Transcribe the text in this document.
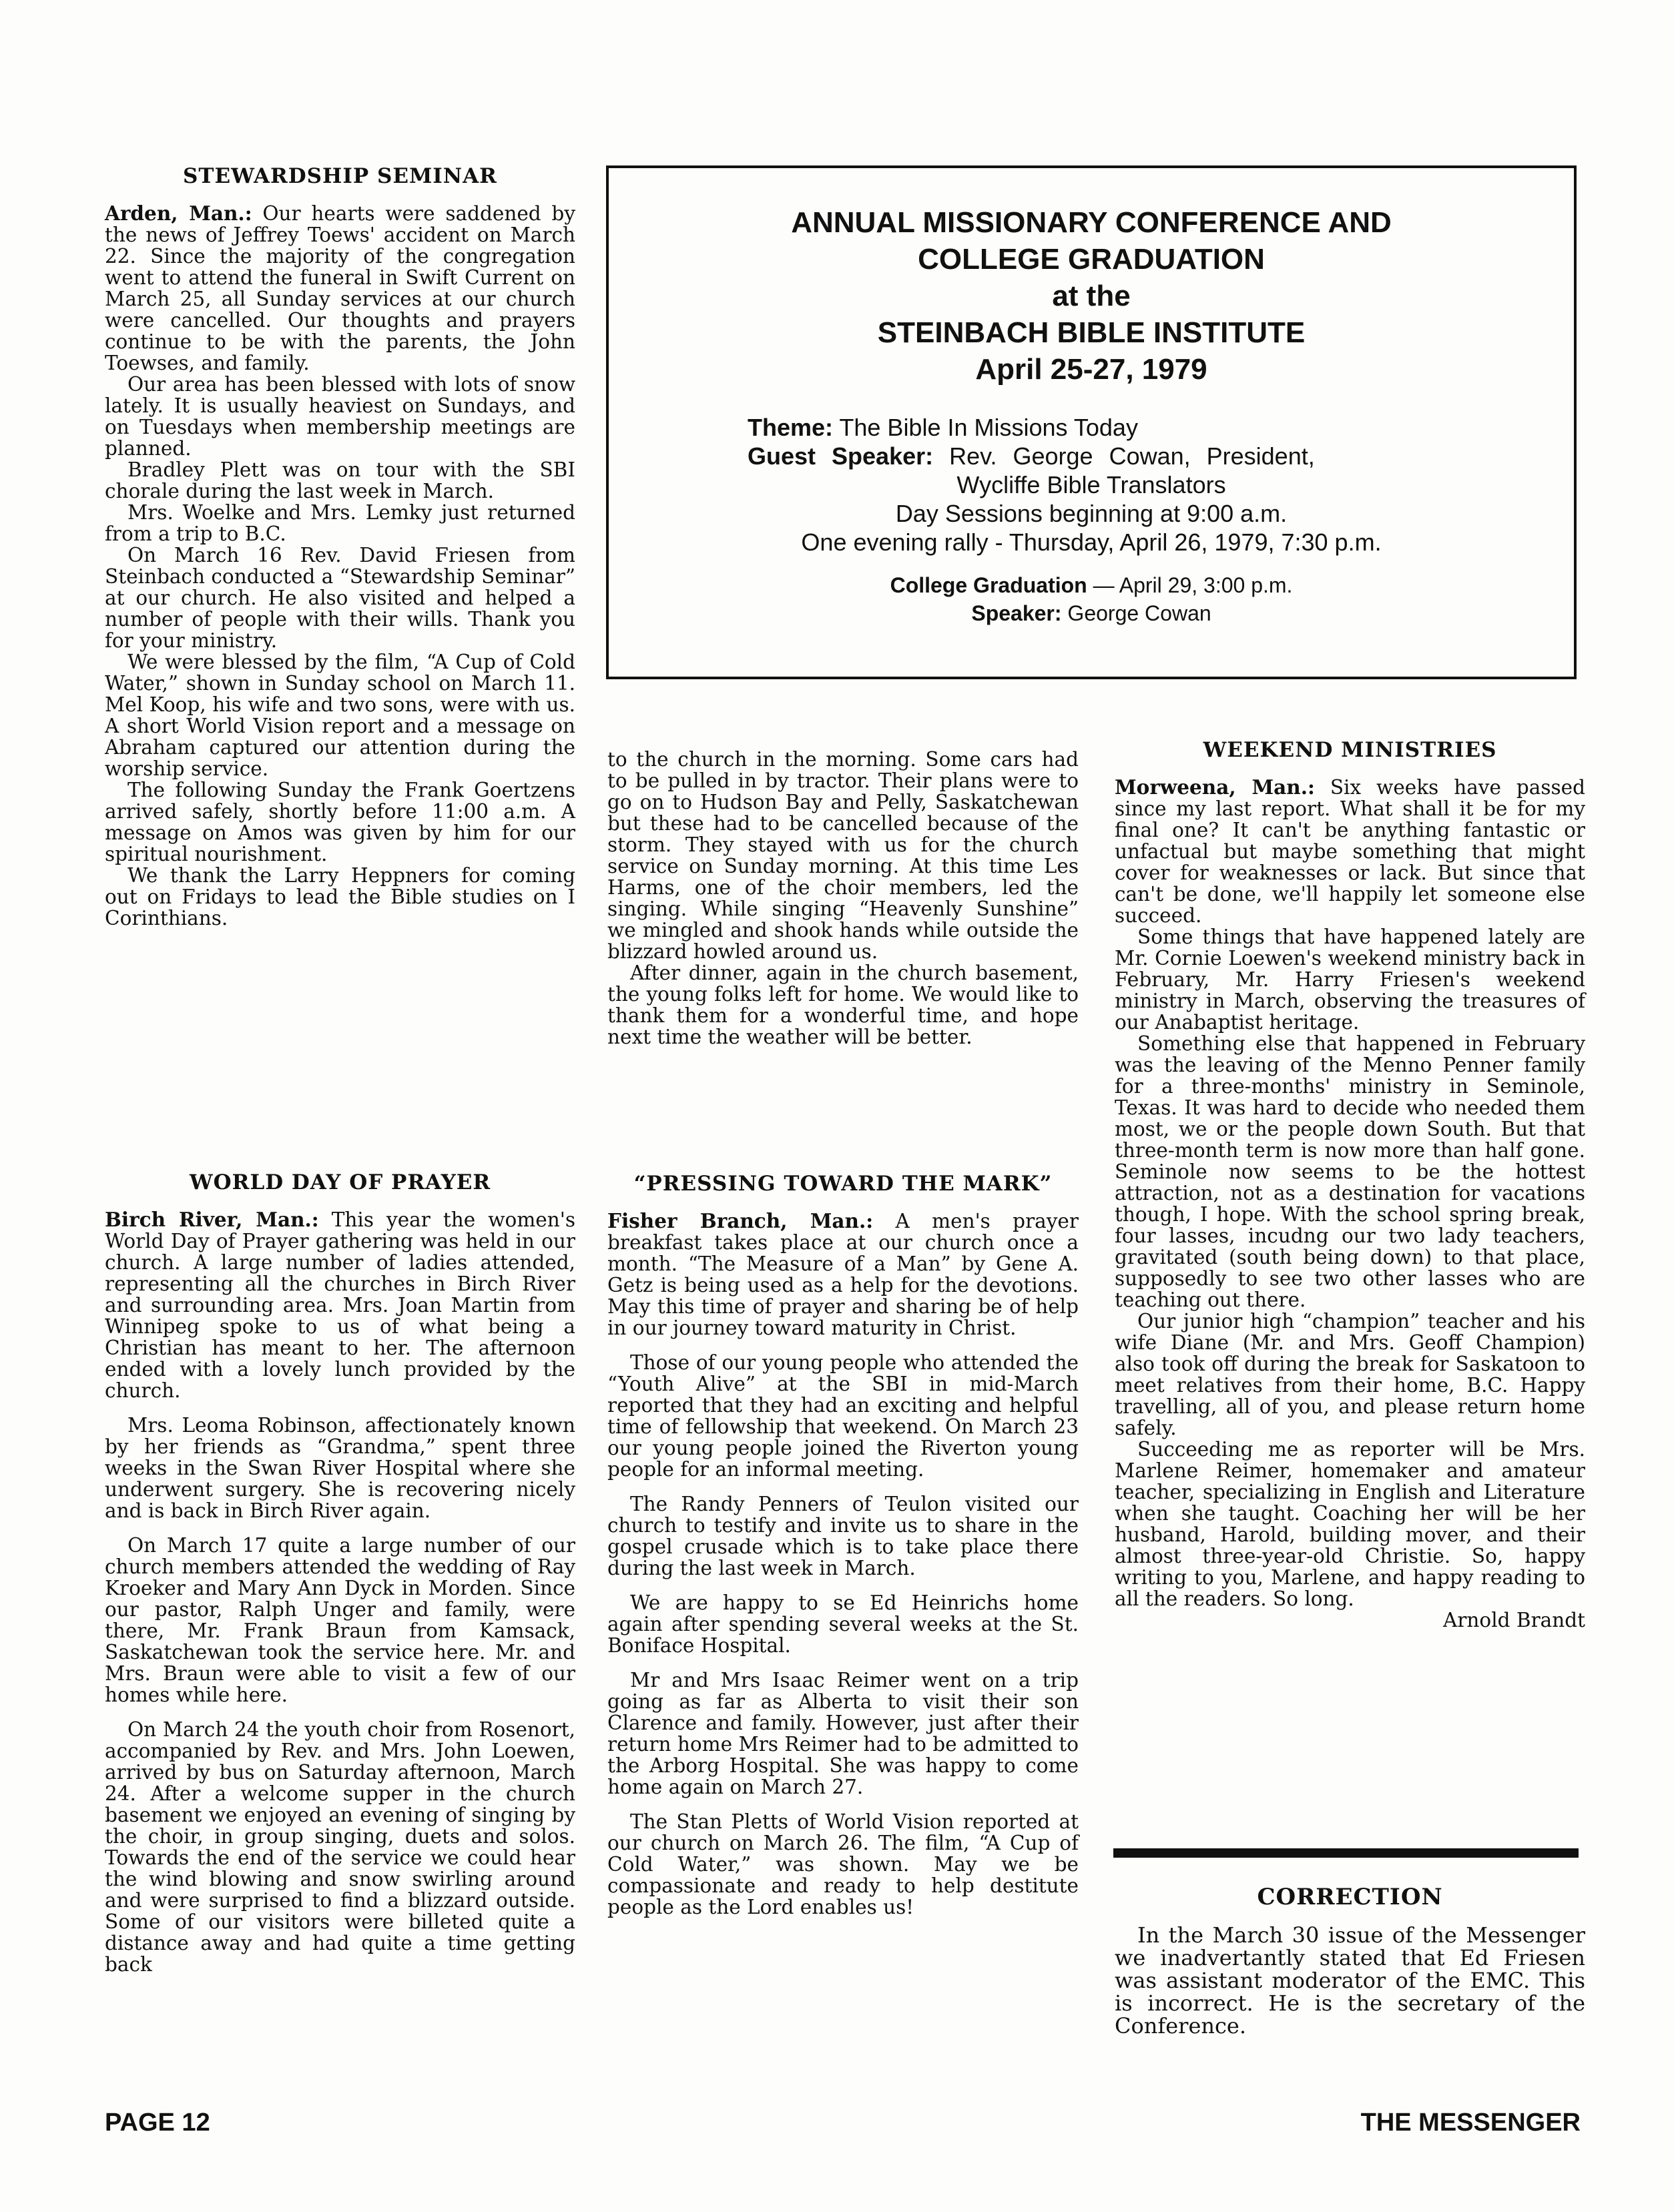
ANNUAL MISSIONARY CONFERENCE AND
COLLEGE GRADUATION
at the
STEINBACH BIBLE INSTITUTE
April 25-27, 1979
Theme: The Bible In Missions Today
Guest Speaker: Rev. George Cowan, President,
Wycliffe Bible Translators
Day Sessions beginning at 9:00 a.m.
One evening rally - Thursday, April 26, 1979, 7:30 p.m.
College Graduation — April 29, 3:00 p.m.
Speaker: George Cowan
STEWARDSHIP SEMINAR

Arden, Man.: Our hearts were saddened by the news of Jeffrey Toews' accident on March 22. Since the majority of the congregation went to attend the funeral in Swift Current on March 25, all Sunday services at our church were cancelled. Our thoughts and prayers continue to be with the parents, the John Toewses, and family.

Our area has been blessed with lots of snow lately. It is usually heaviest on Sundays, and on Tuesdays when membership meetings are planned.

Bradley Plett was on tour with the SBI chorale during the last week in March.

Mrs. Woelke and Mrs. Lemky just returned from a trip to B.C.

On March 16 Rev. David Friesen from Steinbach conducted a “Stewardship Seminar” at our church. He also visited and helped a number of people with their wills. Thank you for your ministry.

We were blessed by the film, “A Cup of Cold Water,” shown in Sunday school on March 11. Mel Koop, his wife and two sons, were with us. A short World Vision report and a message on Abraham captured our attention during the worship service.

The following Sunday the Frank Goertzens arrived safely, shortly before 11:00 a.m. A message on Amos was given by him for our spiritual nourishment.

We thank the Larry Heppners for coming out on Fridays to lead the Bible studies on I Corinthians.

WORLD DAY OF PRAYER

Birch River, Man.: This year the women's World Day of Prayer gathering was held in our church. A large number of ladies attended, representing all the churches in Birch River and surrounding area. Mrs. Joan Martin from Winnipeg spoke to us of what being a Christian has meant to her. The afternoon ended with a lovely lunch provided by the church.

Mrs. Leoma Robinson, affectionately known by her friends as “Grandma,” spent three weeks in the Swan River Hospital where she underwent surgery. She is recovering nicely and is back in Birch River again.

On March 17 quite a large number of our church members attended the wedding of Ray Kroeker and Mary Ann Dyck in Morden. Since our pastor, Ralph Unger and family, were there, Mr. Frank Braun from Kamsack, Saskatchewan took the service here. Mr. and Mrs. Braun were able to visit a few of our homes while here.

On March 24 the youth choir from Rosenort, accompanied by Rev. and Mrs. John Loewen, arrived by bus on Saturday afternoon, March 24. After a welcome supper in the church basement we enjoyed an evening of singing by the choir, in group singing, duets and solos. Towards the end of the service we could hear the wind blowing and snow swirling around and were surprised to find a blizzard outside. Some of our visitors were billeted quite a distance away and had quite a time getting back

to the church in the morning. Some cars had to be pulled in by tractor. Their plans were to go on to Hudson Bay and Pelly, Saskatchewan but these had to be cancelled because of the storm. They stayed with us for the church service on Sunday morning. At this time Les Harms, one of the choir members, led the singing. While singing “Heavenly Sunshine” we mingled and shook hands while outside the blizzard howled around us.

After dinner, again in the church basement, the young folks left for home. We would like to thank them for a wonderful time, and hope next time the weather will be better.

“PRESSING TOWARD THE MARK”

Fisher Branch, Man.: A men's prayer breakfast takes place at our church once a month. “The Measure of a Man” by Gene A. Getz is being used as a help for the devotions. May this time of prayer and sharing be of help in our journey toward maturity in Christ.

Those of our young people who attended the “Youth Alive” at the SBI in mid-March reported that they had an exciting and helpful time of fellowship that weekend. On March 23 our young people joined the Riverton young people for an informal meeting.

The Randy Penners of Teulon visited our church to testify and invite us to share in the gospel crusade which is to take place there during the last week in March.

We are happy to se Ed Heinrichs home again after spending several weeks at the St. Boniface Hospital.

Mr and Mrs Isaac Reimer went on a trip going as far as Alberta to visit their son Clarence and family. However, just after their return home Mrs Reimer had to be admitted to the Arborg Hospital. She was happy to come home again on March 27.

The Stan Pletts of World Vision reported at our church on March 26. The film, “A Cup of Cold Water,” was shown. May we be compassionate and ready to help destitute people as the Lord enables us!

WEEKEND MINISTRIES

Morweena, Man.: Six weeks have passed since my last report. What shall it be for my final one? It can't be anything fantastic or unfactual but maybe something that might cover for weaknesses or lack. But since that can't be done, we'll happily let someone else succeed.

Some things that have happened lately are Mr. Cornie Loewen's weekend ministry back in February, Mr. Harry Friesen's weekend ministry in March, observing the treasures of our Anabaptist heritage.

Something else that happened in February was the leaving of the Menno Penner family for a three-months' ministry in Seminole, Texas. It was hard to decide who needed them most, we or the people down South. But that three-month term is now more than half gone. Seminole now seems to be the hottest attraction, not as a destination for vacations though, I hope. With the school spring break, four lasses, incudng our two lady teachers, gravitated (south being down) to that place, supposedly to see two other lasses who are teaching out there.

Our junior high “champion” teacher and his wife Diane (Mr. and Mrs. Geoff Champion) also took off during the break for Saskatoon to meet relatives from their home, B.C. Happy travelling, all of you, and please return home safely.

Succeeding me as reporter will be Mrs. Marlene Reimer, homemaker and amateur teacher, specializing in English and Literature when she taught. Coaching her will be her husband, Harold, building mover, and their almost three-year-old Christie. So, happy writing to you, Marlene, and happy reading to all the readers. So long.

Arnold Brandt

CORRECTION

In the March 30 issue of the Messenger we inadvertantly stated that Ed Friesen was assistant moderator of the EMC. This is incorrect. He is the secretary of the Conference.

PAGE 12	THE MESSENGER
